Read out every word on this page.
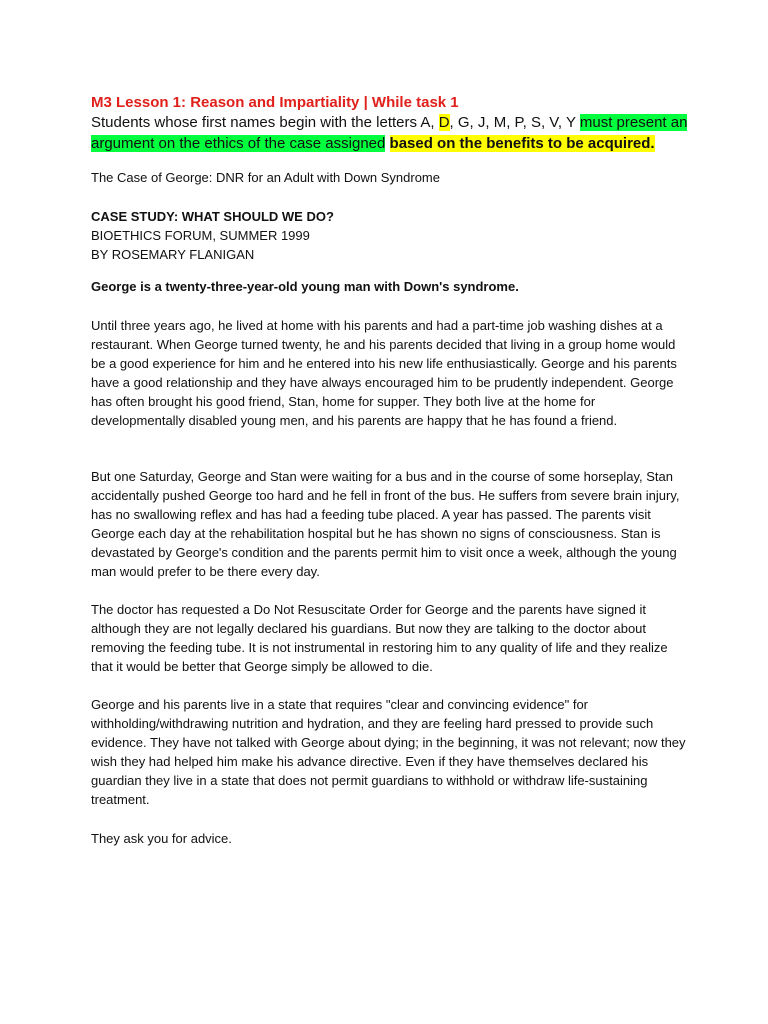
M3 Lesson 1: Reason and Impartiality | While task 1
Students whose first names begin with the letters A, D, G, J, M, P, S, V, Y must present an argument on the ethics of the case assigned based on the benefits to be acquired.
The Case of George: DNR for an Adult with Down Syndrome
CASE STUDY: WHAT SHOULD WE DO?
BIOETHICS FORUM, SUMMER 1999
BY ROSEMARY FLANIGAN
George is a twenty-three-year-old young man with Down's syndrome.
Until three years ago, he lived at home with his parents and had a part-time job washing dishes at a restaurant. When George turned twenty, he and his parents decided that living in a group home would be a good experience for him and he entered into his new life enthusiastically. George and his parents have a good relationship and they have always encouraged him to be prudently independent. George has often brought his good friend, Stan, home for supper. They both live at the home for developmentally disabled young men, and his parents are happy that he has found a friend.
But one Saturday, George and Stan were waiting for a bus and in the course of some horseplay, Stan accidentally pushed George too hard and he fell in front of the bus. He suffers from severe brain injury, has no swallowing reflex and has had a feeding tube placed. A year has passed. The parents visit George each day at the rehabilitation hospital but he has shown no signs of consciousness. Stan is devastated by George's condition and the parents permit him to visit once a week, although the young man would prefer to be there every day.
The doctor has requested a Do Not Resuscitate Order for George and the parents have signed it although they are not legally declared his guardians. But now they are talking to the doctor about removing the feeding tube. It is not instrumental in restoring him to any quality of life and they realize that it would be better that George simply be allowed to die.
George and his parents live in a state that requires "clear and convincing evidence" for withholding/withdrawing nutrition and hydration, and they are feeling hard pressed to provide such evidence. They have not talked with George about dying; in the beginning, it was not relevant; now they wish they had helped him make his advance directive. Even if they have themselves declared his guardian they live in a state that does not permit guardians to withhold or withdraw life-sustaining treatment.
They ask you for advice.
